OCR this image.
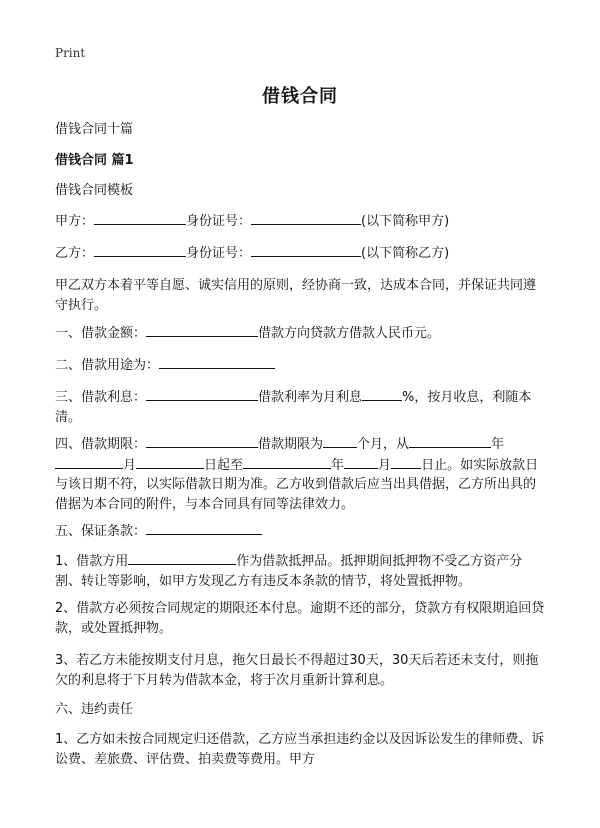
Print
借钱合同
借钱合同十篇
借钱合同 篇1
借钱合同模板
甲方：	身份证号：	(以下简称甲方)
乙方：	身份证号：	(以下简称乙方)
甲乙双方本着平等自愿、诚实信用的原则，经协商一致，达成本合同，并保证共同遵守执行。
一、借款金额：	借款方向贷款方借款人民币元。
二、借款用途为：
三、借款利息：	借款利率为月利息	%，按月收息，利随本清。
四、借款期限：	借款期限为	个月，从	年
月	日起至	年	月 日止。如实际放款日与该日期不符，以实际借款日期为准。乙方收到借款后应当出具借据，乙方所出具的借据为本合同的附件，与本合同具有同等法律效力。
五、保证条款：
1、借款方用	作为借款抵押品。抵押期间抵押物不受乙方资产分割、转让等影响，如甲方发现乙方有违反本条款的情节，将处置抵押物。
2、借款方必须按合同规定的期限还本付息。逾期不还的部分，贷款方有权限期追回贷款，或处置抵押物。
3、若乙方未能按期支付月息，拖欠日最长不得超过30天，30天后若还未支付，则拖欠的利息将于下月转为借款本金，将于次月重新计算利息。
六、违约责任
1、乙方如未按合同规定归还借款，乙方应当承担违约金以及因诉讼发生的律师费、诉讼费、差旅费、评估费、拍卖费等费用。甲方
